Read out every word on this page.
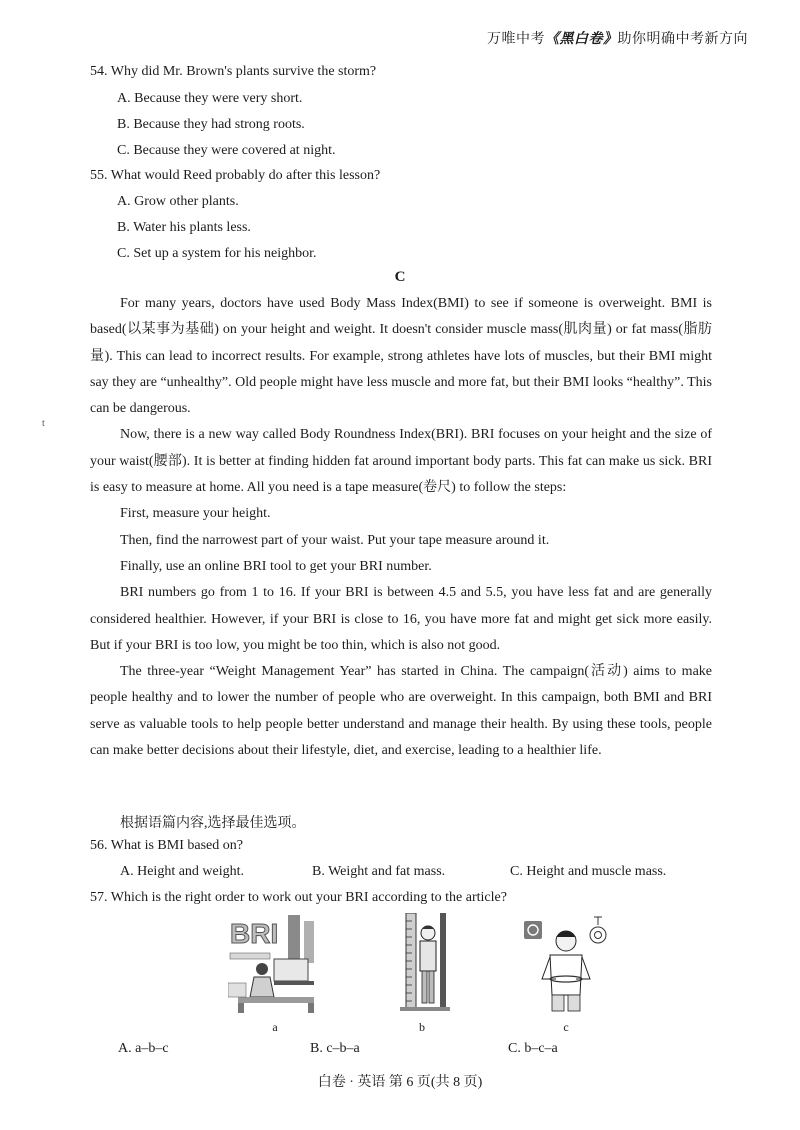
万唯中考《黑白卷》助你明确中考新方向
54. Why did Mr. Brown's plants survive the storm?
A. Because they were very short.
B. Because they had strong roots.
C. Because they were covered at night.
55. What would Reed probably do after this lesson?
A. Grow other plants.
B. Water his plants less.
C. Set up a system for his neighbor.
C
t

For many years, doctors have used Body Mass Index(BMI) to see if someone is overweight. BMI is based(以某事为基础) on your height and weight. It doesn't consider muscle mass(肌肉量) or fat mass(脂肪量). This can lead to incorrect results. For example, strong athletes have lots of muscles, but their BMI might say they are “unhealthy”. Old people might have less muscle and more fat, but their BMI looks “healthy”. This can be dangerous.

Now, there is a new way called Body Roundness Index(BRI). BRI focuses on your height and the size of your waist(腰部). It is better at finding hidden fat around important body parts. This fat can make us sick. BRI is easy to measure at home. All you need is a tape measure(卷尺) to follow the steps:

First, measure your height.

Then, find the narrowest part of your waist. Put your tape measure around it.

Finally, use an online BRI tool to get your BRI number.

BRI numbers go from 1 to 16. If your BRI is between 4.5 and 5.5, you have less fat and are generally considered healthier. However, if your BRI is close to 16, you have more fat and might get sick more easily. But if your BRI is too low, you might be too thin, which is also not good.

The three-year “Weight Management Year” has started in China. The campaign(活动) aims to make people healthy and to lower the number of people who are overweight. In this campaign, both BMI and BRI serve as valuable tools to help people better understand and manage their health. By using these tools, people can make better decisions about their lifestyle, diet, and exercise, leading to a healthier life.

根据语篇内容,选择最佳选项。
56. What is BMI based on?
A. Height and weight.	B. Weight and fat mass.	C. Height and muscle mass.
57. Which is the right order to work out your BRI according to the article?
BRI
a	b	c
A. a–b–c	B. c–b–a	C. b–c–a
白卷 · 英语 第 6 页(共 8 页)
